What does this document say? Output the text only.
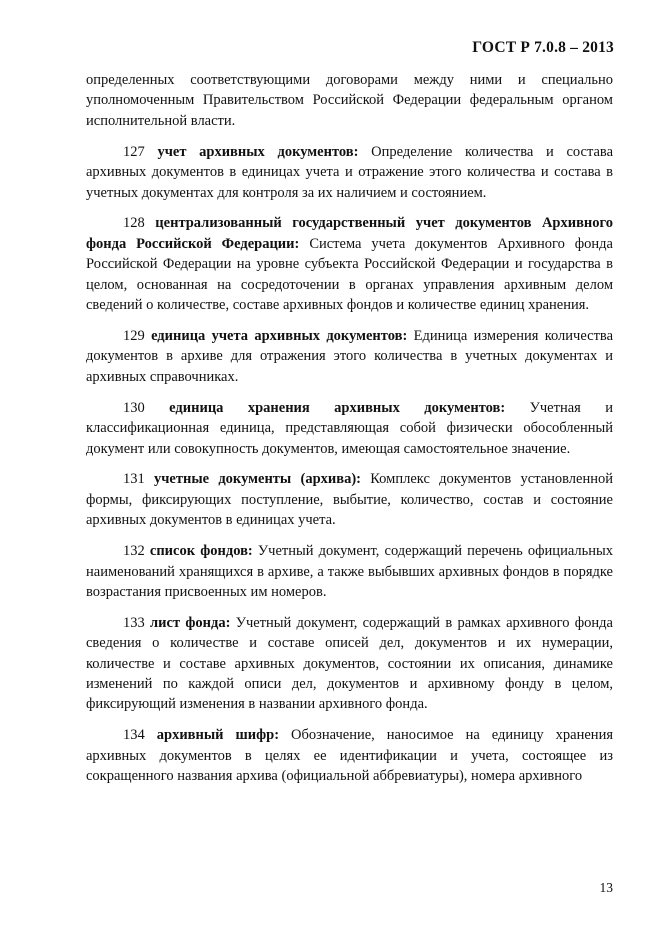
ГОСТ Р 7.0.8 – 2013

определенных соответствующими договорами между ними и специально уполномоченным Правительством Российской Федерации федеральным органом исполнительной власти.

127 учет архивных документов: Определение количества и состава архивных документов в единицах учета и отражение этого количества и состава в учетных документах для контроля за их наличием и состоянием.

128 централизованный государственный учет документов Архивного фонда Российской Федерации: Система учета документов Архивного фонда Российской Федерации на уровне субъекта Российской Федерации и государства в целом, основанная на сосредоточении в органах управления архивным делом сведений о количестве, составе архивных фондов и количестве единиц хранения.

129 единица учета архивных документов: Единица измерения количества документов в архиве для отражения этого количества в учетных документах и архивных справочниках.

130 единица хранения архивных документов: Учетная и классификационная единица, представляющая собой физически обособленный документ или совокупность документов, имеющая самостоятельное значение.

131 учетные документы (архива): Комплекс документов установленной формы, фиксирующих поступление, выбытие, количество, состав и состояние архивных документов в единицах учета.

132 список фондов: Учетный документ, содержащий перечень официальных наименований хранящихся в архиве, а также выбывших архивных фондов в порядке возрастания присвоенных им номеров.

133 лист фонда: Учетный документ, содержащий в рамках архивного фонда сведения о количестве и составе описей дел, документов и их нумерации, количестве и составе архивных документов, состоянии их описания, динамике изменений по каждой описи дел, документов и архивному фонду в целом, фиксирующий изменения в названии архивного фонда.

134 архивный шифр: Обозначение, наносимое на единицу хранения архивных документов в целях ее идентификации и учета, состоящее из сокращенного названия архива (официальной аббревиатуры), номера архивного

13
